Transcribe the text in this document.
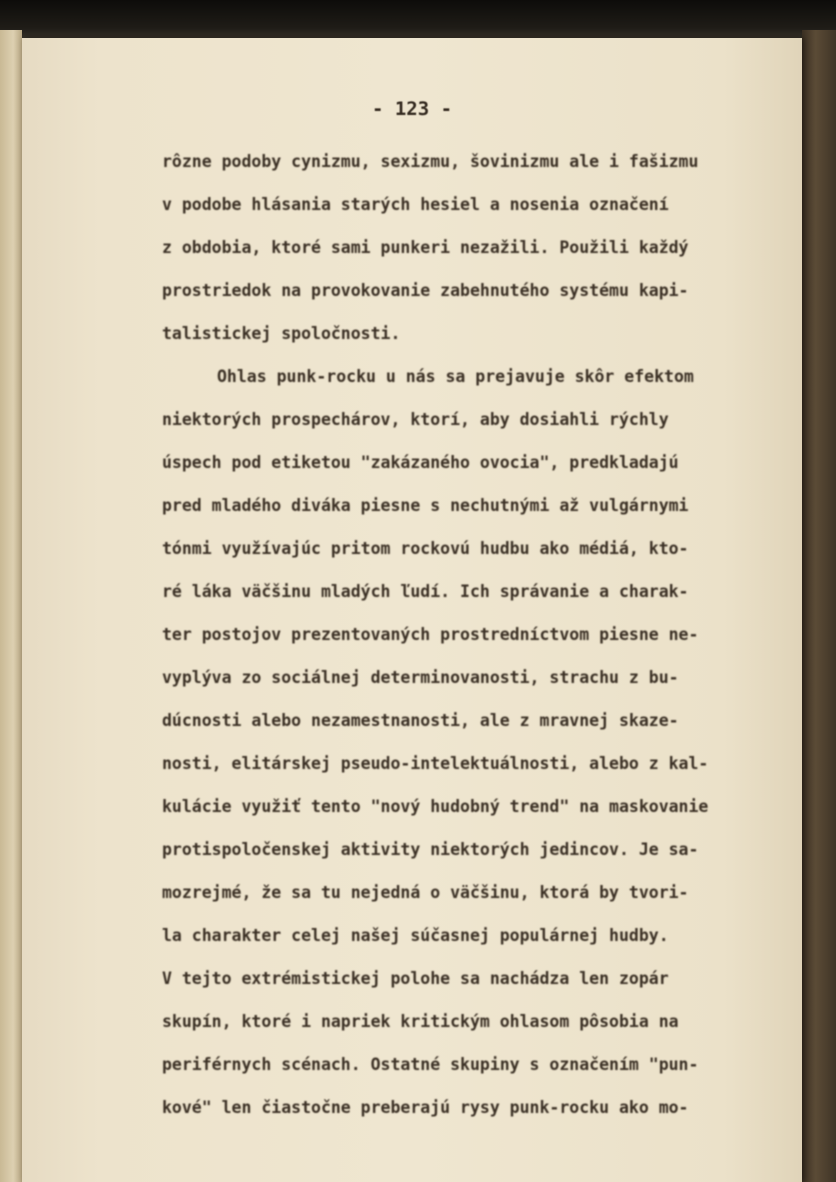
- 123 -
rôzne podoby cynizmu, sexizmu, šovinizmu ale i fašizmu
v podobe hlásania starých hesiel a nosenia označení
z obdobia, ktoré sami punkeri nezažili. Použili každý
prostriedok na provokovanie zabehnutého systému kapi-
talistickej spoločnosti.
Ohlas punk-rocku u nás sa prejavuje skôr efektom
niektorých prospechárov, ktorí, aby dosiahli rýchly
úspech pod etiketou "zakázaného ovocia", predkladajú
pred mladého diváka piesne s nechutnými až vulgárnymi
tónmi využívajúc pritom rockovú hudbu ako médiá, kto-
ré láka väčšinu mladých ľudí. Ich správanie a charak-
ter postojov prezentovaných prostredníctvom piesne ne-
vyplýva zo sociálnej determinovanosti, strachu z bu-
dúcnosti alebo nezamestnanosti, ale z mravnej skaze-
nosti, elitárskej pseudo-intelektuálnosti, alebo z kal-
kulácie využiť tento "nový hudobný trend" na maskovanie
protispoločenskej aktivity niektorých jedincov. Je sa-
mozrejmé, že sa tu nejedná o väčšinu, ktorá by tvori-
la charakter celej našej súčasnej populárnej hudby.
V tejto extrémistickej polohe sa nachádza len zopár
skupín, ktoré i napriek kritickým ohlasom pôsobia na
periférnych scénach. Ostatné skupiny s označením "pun-
kové" len čiastočne preberajú rysy punk-rocku ako mo-
